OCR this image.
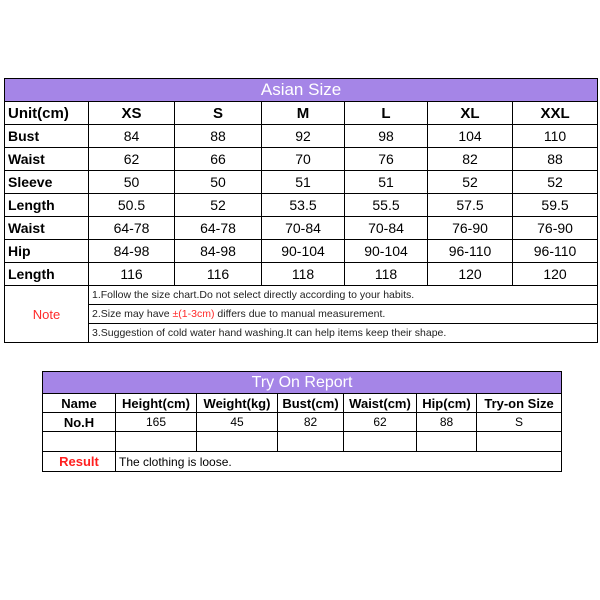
Asian Size						
Unit(cm)	XS	S	M	L	XL	XXL
Bust	84	88	92	98	104	110
Waist	62	66	70	76	82	88
Sleeve	50	50	51	51	52	52
Length	50.5	52	53.5	55.5	57.5	59.5
Waist	64-78	64-78	70-84	70-84	76-90	76-90
Hip	84-98	84-98	90-104	90-104	96-110	96-110
Length	116	116	118	118	120	120
Note	1.Follow the size chart.Do not select directly according to your habits.					
	2.Size may have ±(1-3cm) differs due to manual measurement.					
	3.Suggestion of cold water hand washing.It can help items keep their shape.					
Try On Report						
Name	Height(cm)	Weight(kg)	Bust(cm)	Waist(cm)	Hip(cm)	Try-on Size
No.H	165	45	82	62	88	S

Result	The clothing is loose.					
